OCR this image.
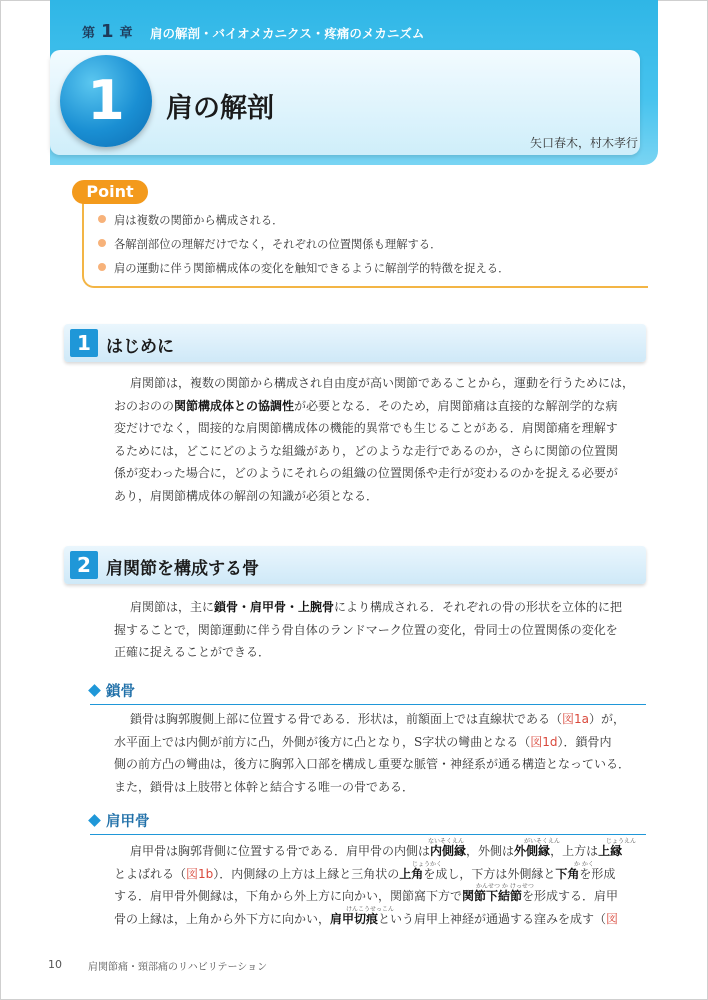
第 1 章 肩の解剖・バイオメカニクス・疼痛のメカニズム
1	肩の解剖
矢口春木，村木孝行
Point
肩は複数の関節から構成される．
各解剖部位の理解だけでなく，それぞれの位置関係も理解する．
肩の運動に伴う関節構成体の変化を触知できるように解剖学的特徴を捉える．
1 はじめに
肩関節は，複数の関節から構成され自由度が高い関節であることから，運動を行うためには，
おのおのの関節構成体との協調性が必要となる．そのため，肩関節痛は直接的な解剖学的な病
変だけでなく，間接的な肩関節構成体の機能的異常でも生じることがある．肩関節痛を理解す
るためには，どこにどのような組織があり，どのような走行であるのか，さらに関節の位置関
係が変わった場合に，どのようにそれらの組織の位置関係や走行が変わるのかを捉える必要が
あり，肩関節構成体の解剖の知識が必須となる．
2 肩関節を構成する骨
肩関節は，主に鎖骨・肩甲骨・上腕骨により構成される．それぞれの骨の形状を立体的に把
握することで，関節運動に伴う骨自体のランドマーク位置の変化，骨同士の位置関係の変化を
正確に捉えることができる．
鎖骨
鎖骨は胸郭腹側上部に位置する骨である．形状は，前額面上では直線状である（図1a）が，
水平面上では内側が前方に凸，外側が後方に凸となり，S字状の彎曲となる（図1d）．鎖骨内
側の前方凸の彎曲は，後方に胸郭入口部を構成し重要な脈管・神経系が通る構造となっている．
また，鎖骨は上肢帯と体幹と結合する唯一の骨である．
肩甲骨
ないそくえん	がいそくえん	じょうえん
じょうかく	か かく
かんせつ か けっせつ
けんこうせっこん
肩甲骨は胸郭背側に位置する骨である．肩甲骨の内側は内側縁，外側は外側縁，上方は上縁
とよばれる（図1b）．内側縁の上方は上縁と三角状の上角を成し，下方は外側縁と下角を形成
する．肩甲骨外側縁は，下角から外上方に向かい，関節窩下方で関節下結節を形成する．肩甲
骨の上縁は，上角から外下方に向かい，肩甲切痕という肩甲上神経が通過する窪みを成す（図
10	肩関節痛・頸部痛のリハビリテーション
